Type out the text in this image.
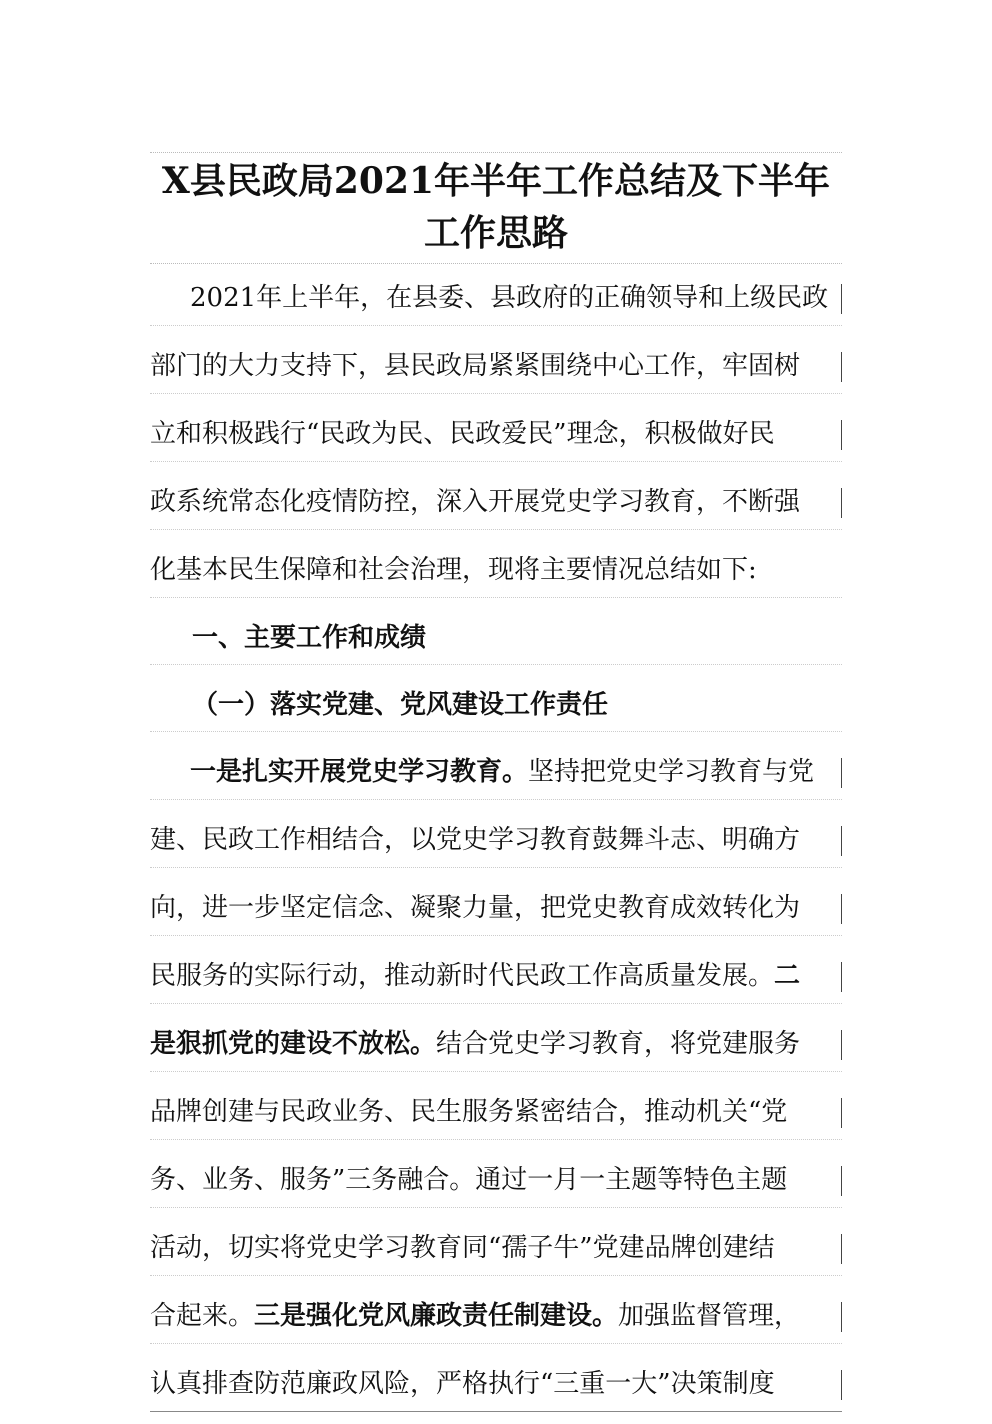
X县民政局2021年半年工作总结及下半年
工作思路
2021年上半年，在县委、县政府的正确领导和上级民政
部门的大力支持下，县民政局紧紧围绕中心工作，牢固树
立和积极践行“民政为民、民政爱民”理念，积极做好民
政系统常态化疫情防控，深入开展党史学习教育，不断强
化基本民生保障和社会治理，现将主要情况总结如下:
一、主要工作和成绩
（一）落实党建、党风建设工作责任
一是扎实开展党史学习教育。坚持把党史学习教育与党
建、民政工作相结合，以党史学习教育鼓舞斗志、明确方
向，进一步坚定信念、凝聚力量，把党史教育成效转化为
民服务的实际行动，推动新时代民政工作高质量发展。二
是狠抓党的建设不放松。结合党史学习教育，将党建服务
品牌创建与民政业务、民生服务紧密结合，推动机关“党
务、业务、服务”三务融合。通过一月一主题等特色主题
活动，切实将党史学习教育同“孺子牛”党建品牌创建结
合起来。三是强化党风廉政责任制建设。加强监督管理，
认真排查防范廉政风险，严格执行“三重一大”决策制度
